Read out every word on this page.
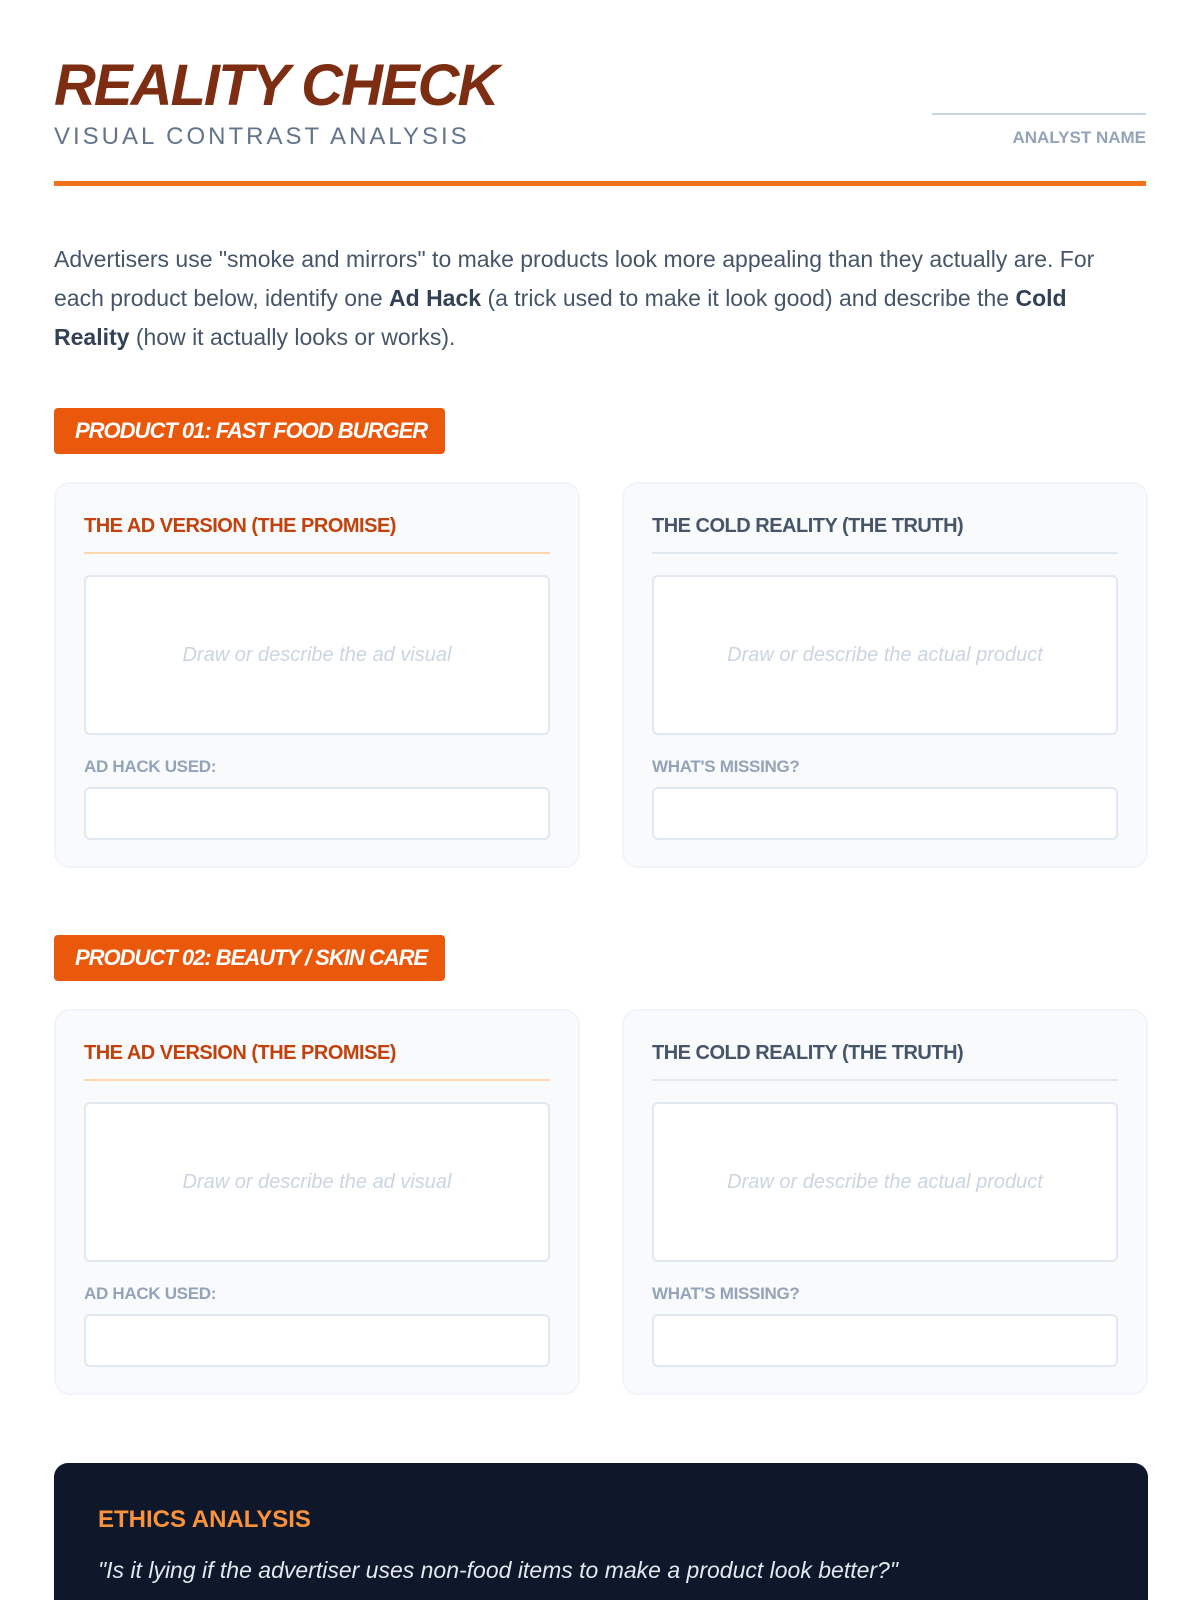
REALITY CHECK
VISUAL CONTRAST ANALYSIS	ANALYST NAME

Advertisers use "smoke and mirrors" to make products look more appealing than they actually are. For each product below, identify one Ad Hack (a trick used to make it look good) and describe the Cold Reality (how it actually looks or works).

PRODUCT 01: FAST FOOD BURGER
THE AD VERSION (THE PROMISE)
Draw or describe the ad visual
AD HACK USED:
THE COLD REALITY (THE TRUTH)
Draw or describe the actual product
WHAT'S MISSING?
PRODUCT 02: BEAUTY / SKIN CARE
THE AD VERSION (THE PROMISE)
Draw or describe the ad visual
AD HACK USED:
THE COLD REALITY (THE TRUTH)
Draw or describe the actual product
WHAT'S MISSING?
ETHICS ANALYSIS

"Is it lying if the advertiser uses non-food items to make a product look better?"
